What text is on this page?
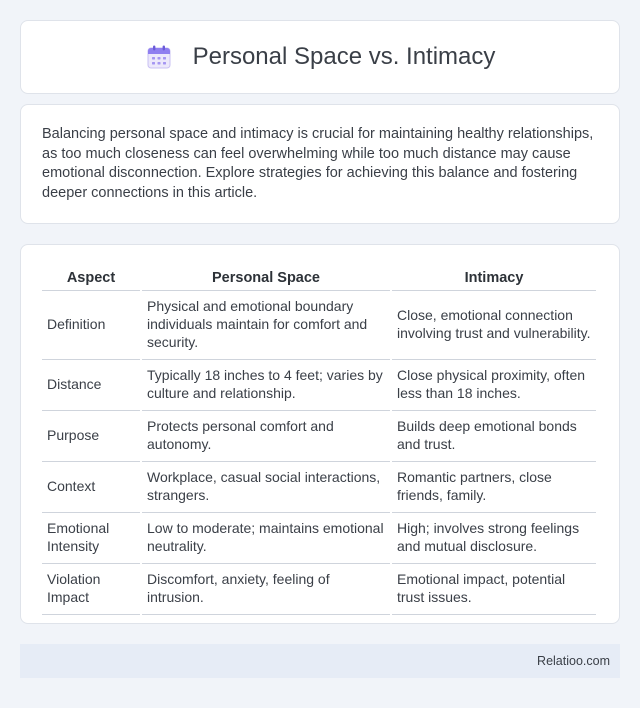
Personal Space vs. Intimacy

Balancing personal space and intimacy is crucial for maintaining healthy relationships, as too much closeness can feel overwhelming while too much distance may cause emotional disconnection. Explore strategies for achieving this balance and fostering deeper connections in this article.

Aspect	Personal Space	Intimacy
Definition	Physical and emotional boundary individuals maintain for comfort and security.	Close, emotional connection involving trust and vulnerability.
Distance	Typically 18 inches to 4 feet; varies by culture and relationship.	Close physical proximity, often less than 18 inches.
Purpose	Protects personal comfort and autonomy.	Builds deep emotional bonds and trust.
Context	Workplace, casual social interactions, strangers.	Romantic partners, close friends, family.
Emotional Intensity	Low to moderate; maintains emotional neutrality.	High; involves strong feelings and mutual disclosure.
Violation Impact	Discomfort, anxiety, feeling of intrusion.	Emotional impact, potential trust issues.
Relatioo.com
